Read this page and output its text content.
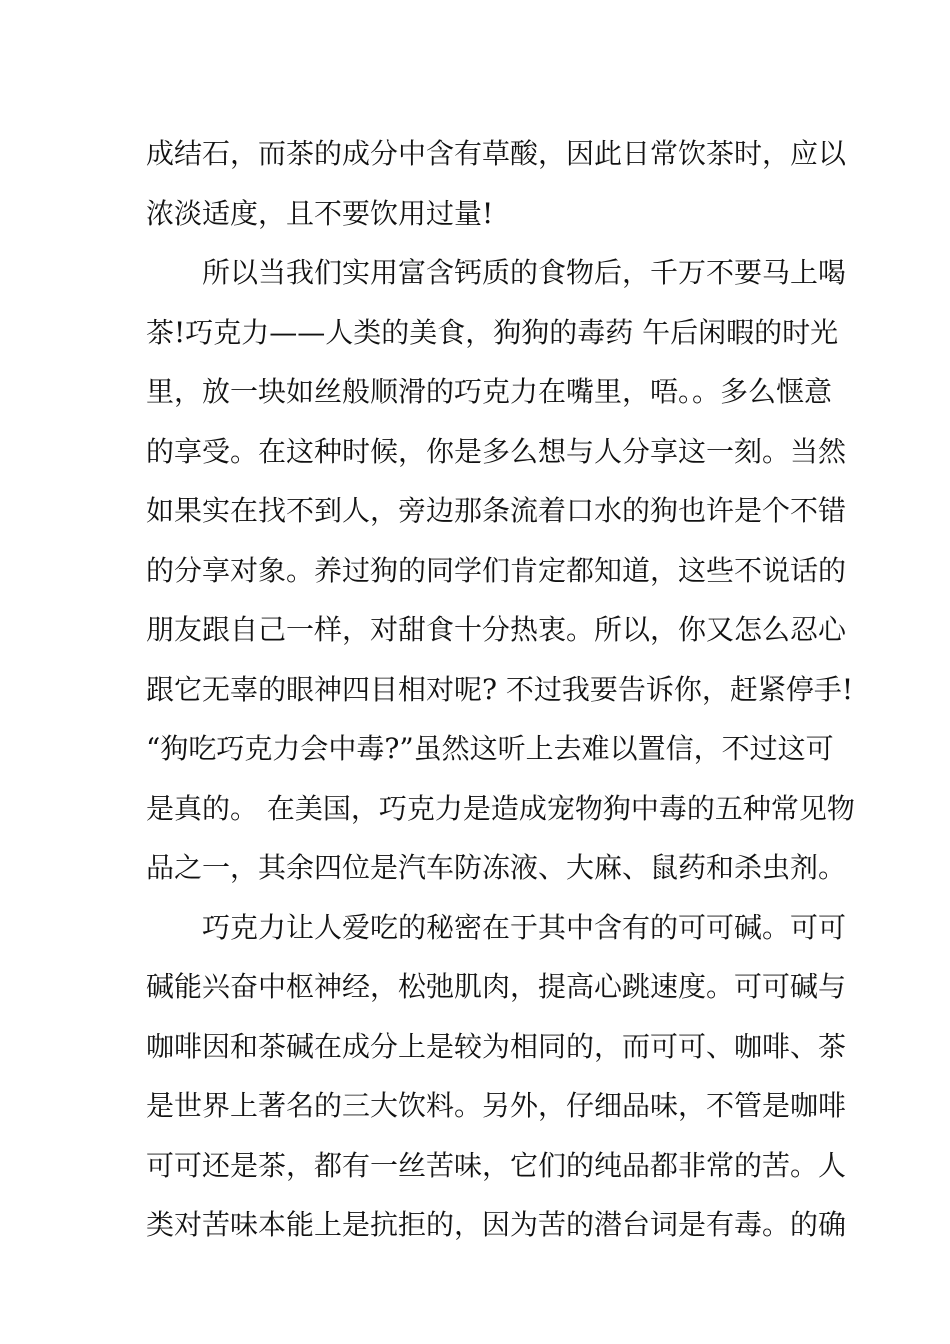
成结石，而茶的成分中含有草酸，因此日常饮茶时，应以
浓淡适度，且不要饮用过量!
　　所以当我们实用富含钙质的食物后，千万不要马上喝
茶!巧克力——人类的美食，狗狗的毒药 午后闲暇的时光
里，放一块如丝般顺滑的巧克力在嘴里，唔。。多么惬意
的享受。在这种时候，你是多么想与人分享这一刻。当然
如果实在找不到人，旁边那条流着口水的狗也许是个不错
的分享对象。养过狗的同学们肯定都知道，这些不说话的
朋友跟自己一样，对甜食十分热衷。所以，你又怎么忍心
跟它无辜的眼神四目相对呢? 不过我要告诉你，赶紧停手!
“狗吃巧克力会中毒?”虽然这听上去难以置信，不过这可
是真的。 在美国，巧克力是造成宠物狗中毒的五种常见物
品之一，其余四位是汽车防冻液、大麻、鼠药和杀虫剂。
　　巧克力让人爱吃的秘密在于其中含有的可可碱。可可
碱能兴奋中枢神经，松弛肌肉，提高心跳速度。可可碱与
咖啡因和茶碱在成分上是较为相同的，而可可、咖啡、茶
是世界上著名的三大饮料。另外，仔细品味，不管是咖啡
可可还是茶，都有一丝苦味，它们的纯品都非常的苦。人
类对苦味本能上是抗拒的，因为苦的潜台词是有毒。的确
